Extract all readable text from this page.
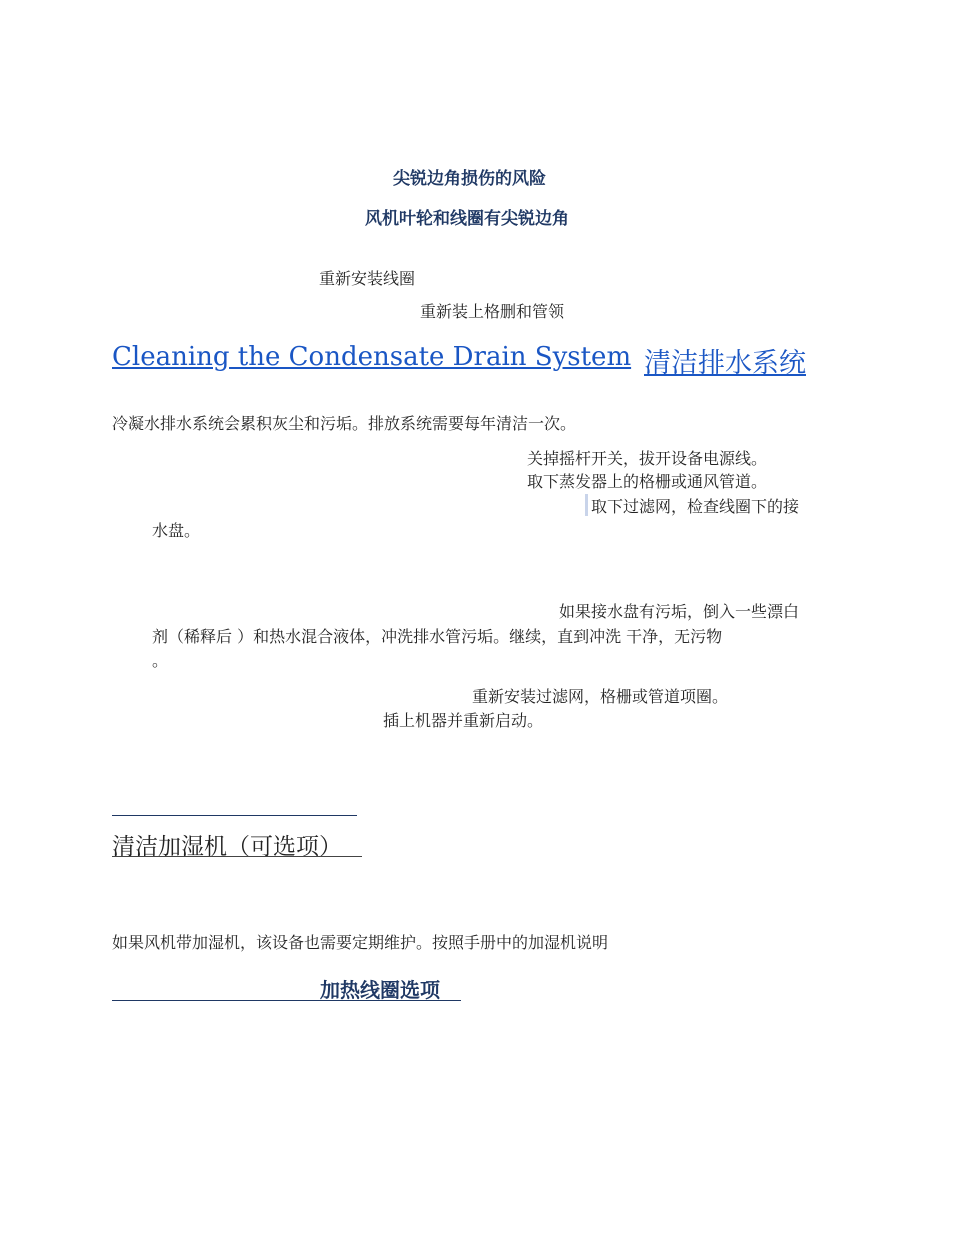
尖锐边角损伤的风险
风机叶轮和线圈有尖锐边角
重新安装线圈
重新装上格删和管领
Cleaning the Condensate Drain System 清洁排水系统
冷凝水排水系统会累积灰尘和污垢。排放系统需要每年清洁一次。
关掉摇杆开关，拔开设备电源线。
取下蒸发器上的格栅或通风管道。
取下过滤网，检查线圈下的接
水盘。
如果接水盘有污垢，倒入一些漂白
剂（稀释后 ）和热水混合液体，冲洗排水管污垢。继续，直到冲洗 干净，无污物
。
重新安装过滤网，格栅或管道项圈。
插上机器并重新启动。
清洁加湿机（可选项）
如果风机带加湿机，该设备也需要定期维护。按照手册中的加湿机说明
加热线圈选项
